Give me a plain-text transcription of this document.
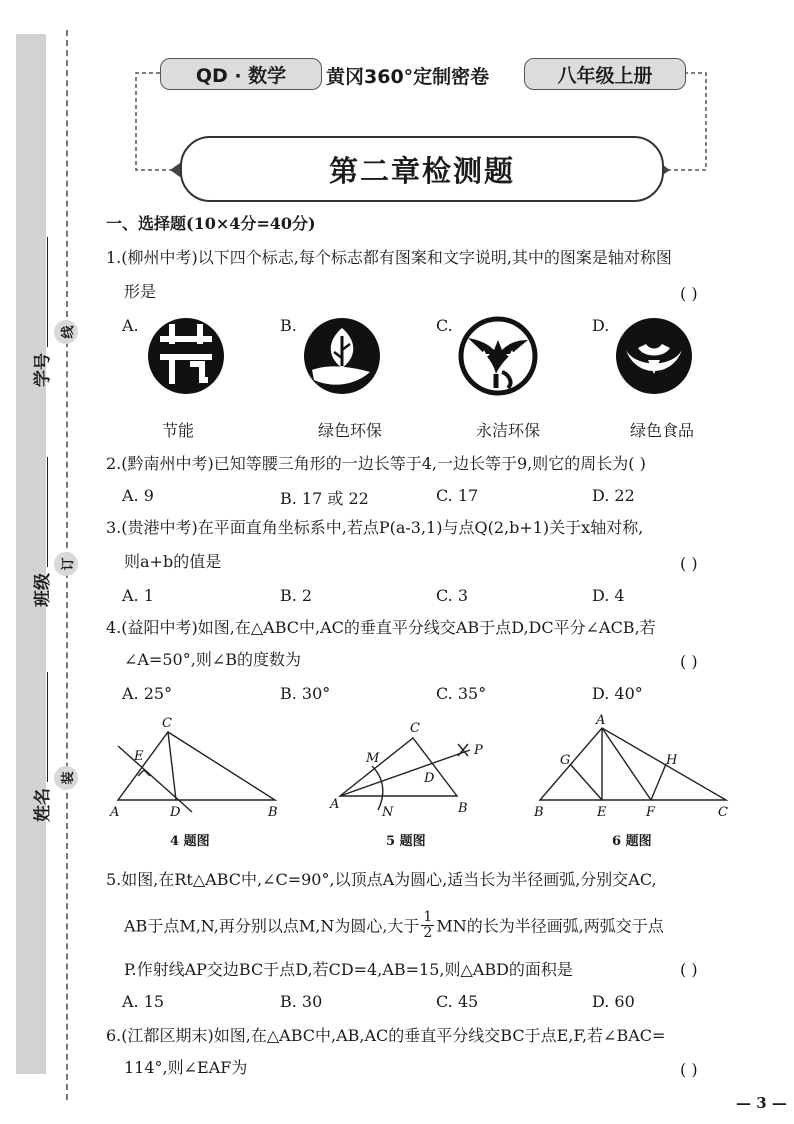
学号
班级
姓名
线
订
装
QD · 数学	黄冈360°定制密卷	八年级上册
第二章检测题
一、选择题(10×4分=40分)
1.(柳州中考)以下四个标志,每个标志都有图案和文字说明,其中的图案是轴对称图
形是	( )
A.	B.	C.	D.
节能	绿色环保	永洁环保	绿色食品
2.(黔南州中考)已知等腰三角形的一边长等于4,一边长等于9,则它的周长为( )
A. 9	B. 17 或 22	C. 17	D. 22
3.(贵港中考)在平面直角坐标系中,若点P(a-3,1)与点Q(2,b+1)关于x轴对称,
则a+b的值是	( )
A. 1	B. 2	C. 3	D. 4
4.(益阳中考)如图,在△ABC中,AC的垂直平分线交AB于点D,DC平分∠ACB,若
∠A=50°,则∠B的度数为	( )
A. 25°	B. 30°	C. 35°	D. 40°
C
E
A	D	B
C
M
P
D
A
N	B
A
G	H
B	E	F	C
4 题图	5 题图	6 题图
5.如图,在Rt△ABC中,∠C=90°,以顶点A为圆心,适当长为半径画弧,分别交AC,
AB于点M,N,再分别以点M,N为圆心,大于 $\frac{1}{2}$ MN的长为半径画弧,两弧交于点
P.作射线AP交边BC于点D,若CD=4,AB=15,则△ABD的面积是	( )
A. 15	B. 30	C. 45	D. 60
6.(江都区期末)如图,在△ABC中,AB,AC的垂直平分线交BC于点E,F,若∠BAC=
114°,则∠EAF为	( )
— 3 —
